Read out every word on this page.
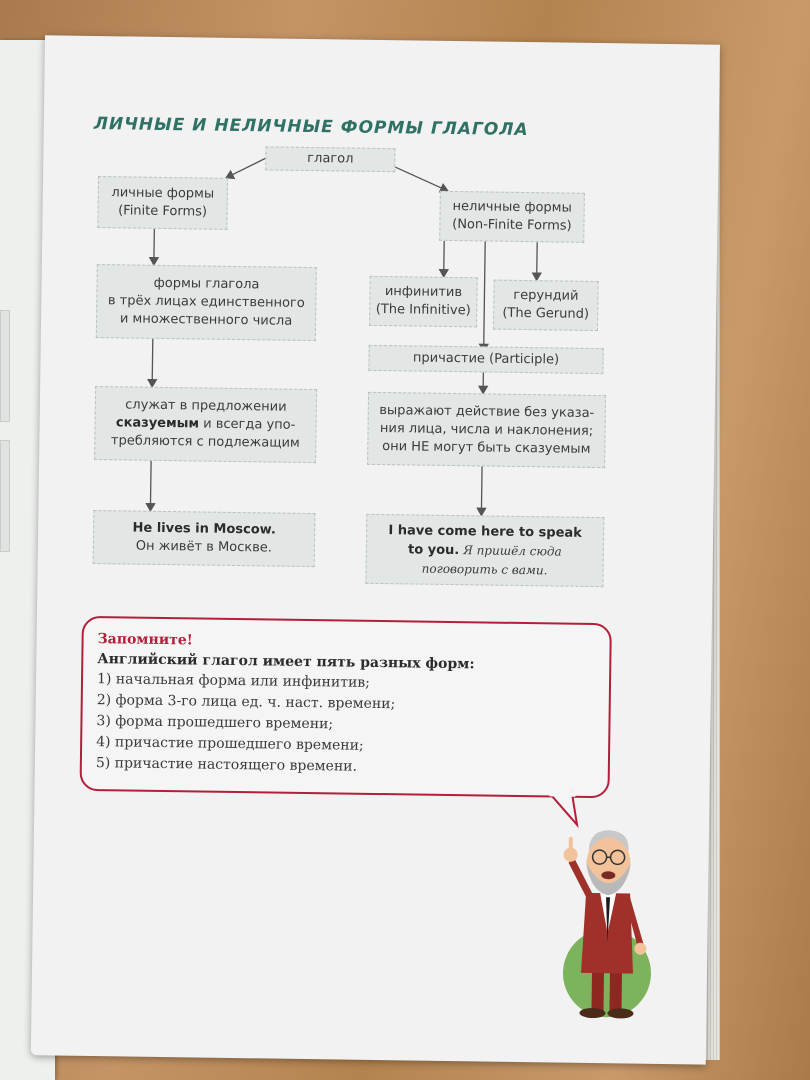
ЛИЧНЫЕ И НЕЛИЧНЫЕ ФОРМЫ ГЛАГОЛА
глагол
личные формы
(Finite Forms)	неличные формы
(Non-Finite Forms)
формы глагола
в трёх лицах единственного
и множественного числа
инфинитив
(The Infinitive)
герундий
(The Gerund)
причастие (Participle)
служат в предложении
сказуемым и всегда упо-
требляются с подлежащим
выражают действие без указа-
ния лица, числа и наклонения;
они НЕ могут быть сказуемым
He lives in Moscow.
Он живёт в Москве.
I have come here to speak
to you. Я пришёл сюда
поговорить с вами.
Запомните!
Английский глагол имеет пять разных форм:
1) начальная форма или инфинитив;
2) форма 3-го лица ед. ч. наст. времени;
3) форма прошедшего времени;
4) причастие прошедшего времени;
5) причастие настоящего времени.
